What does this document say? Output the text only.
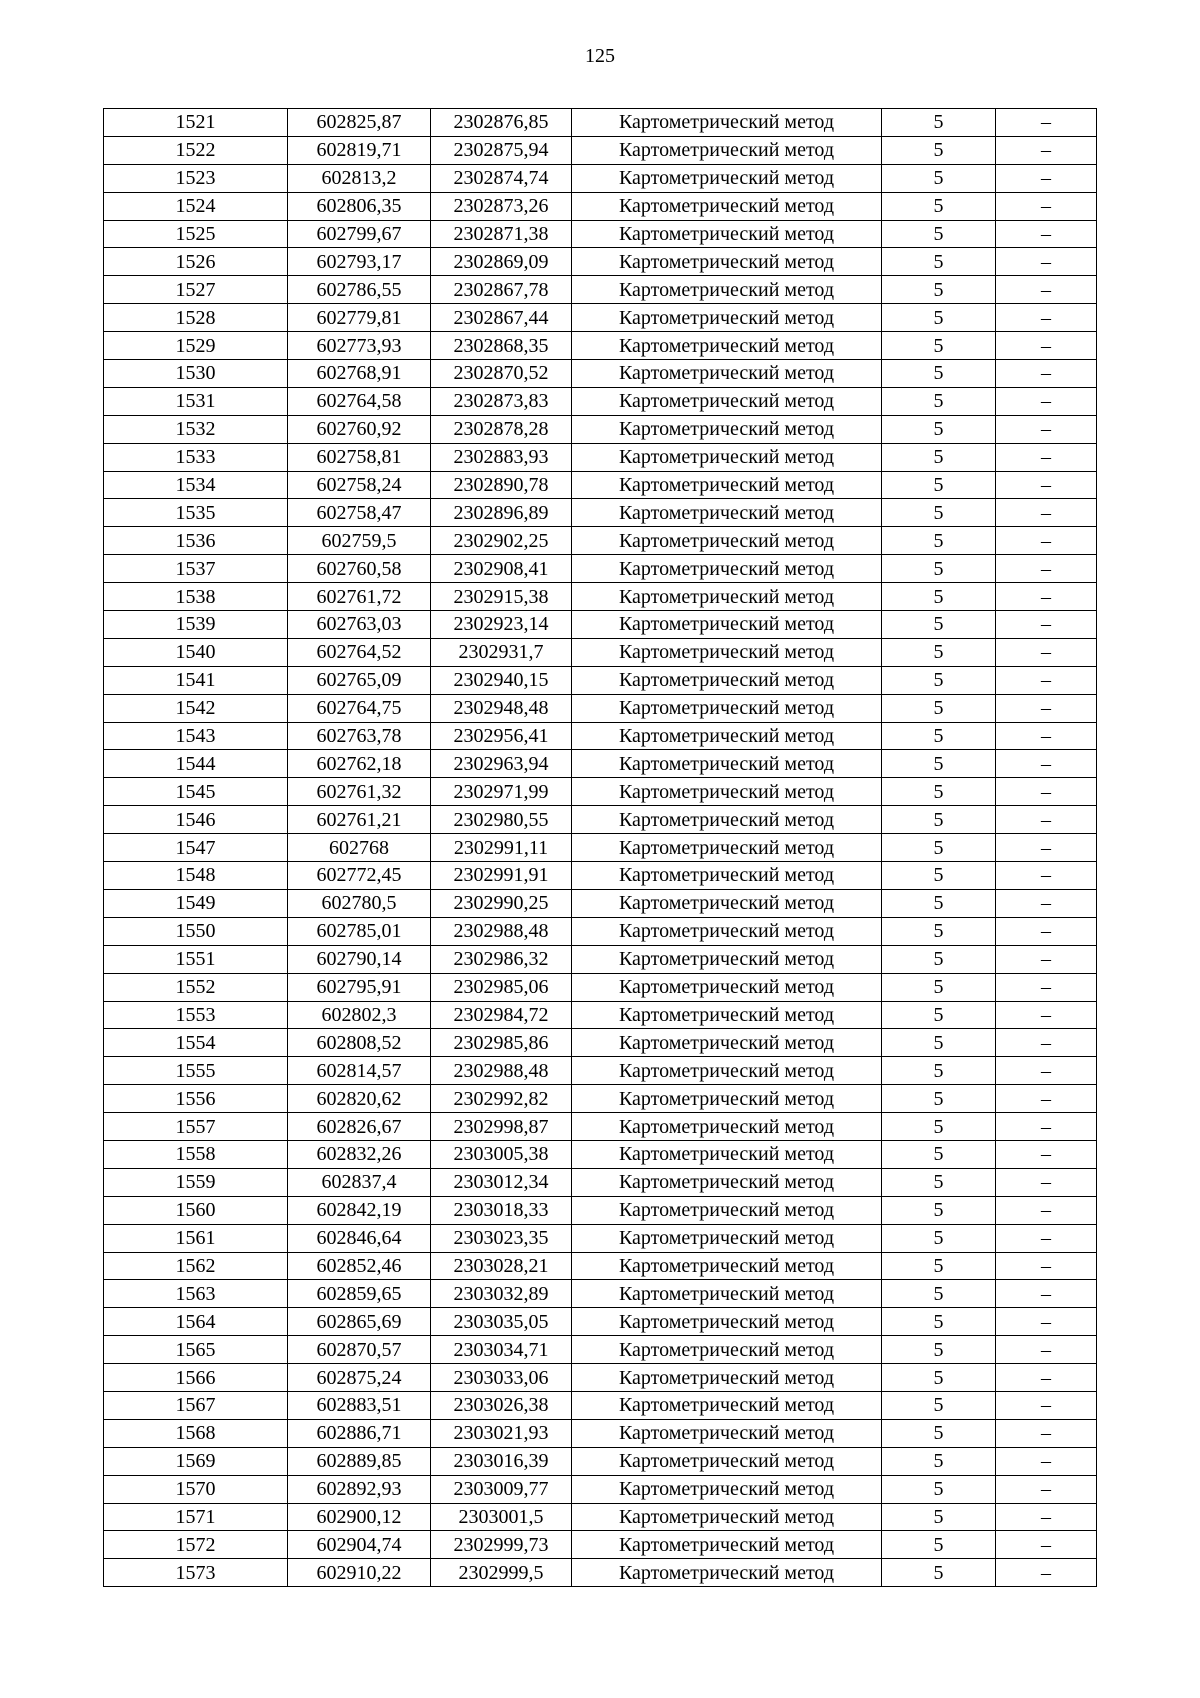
125
1521	602825,87	2302876,85	Картометрический метод	5	–
1522	602819,71	2302875,94	Картометрический метод	5	–
1523	602813,2	2302874,74	Картометрический метод	5	–
1524	602806,35	2302873,26	Картометрический метод	5	–
1525	602799,67	2302871,38	Картометрический метод	5	–
1526	602793,17	2302869,09	Картометрический метод	5	–
1527	602786,55	2302867,78	Картометрический метод	5	–
1528	602779,81	2302867,44	Картометрический метод	5	–
1529	602773,93	2302868,35	Картометрический метод	5	–
1530	602768,91	2302870,52	Картометрический метод	5	–
1531	602764,58	2302873,83	Картометрический метод	5	–
1532	602760,92	2302878,28	Картометрический метод	5	–
1533	602758,81	2302883,93	Картометрический метод	5	–
1534	602758,24	2302890,78	Картометрический метод	5	–
1535	602758,47	2302896,89	Картометрический метод	5	–
1536	602759,5	2302902,25	Картометрический метод	5	–
1537	602760,58	2302908,41	Картометрический метод	5	–
1538	602761,72	2302915,38	Картометрический метод	5	–
1539	602763,03	2302923,14	Картометрический метод	5	–
1540	602764,52	2302931,7	Картометрический метод	5	–
1541	602765,09	2302940,15	Картометрический метод	5	–
1542	602764,75	2302948,48	Картометрический метод	5	–
1543	602763,78	2302956,41	Картометрический метод	5	–
1544	602762,18	2302963,94	Картометрический метод	5	–
1545	602761,32	2302971,99	Картометрический метод	5	–
1546	602761,21	2302980,55	Картометрический метод	5	–
1547	602768	2302991,11	Картометрический метод	5	–
1548	602772,45	2302991,91	Картометрический метод	5	–
1549	602780,5	2302990,25	Картометрический метод	5	–
1550	602785,01	2302988,48	Картометрический метод	5	–
1551	602790,14	2302986,32	Картометрический метод	5	–
1552	602795,91	2302985,06	Картометрический метод	5	–
1553	602802,3	2302984,72	Картометрический метод	5	–
1554	602808,52	2302985,86	Картометрический метод	5	–
1555	602814,57	2302988,48	Картометрический метод	5	–
1556	602820,62	2302992,82	Картометрический метод	5	–
1557	602826,67	2302998,87	Картометрический метод	5	–
1558	602832,26	2303005,38	Картометрический метод	5	–
1559	602837,4	2303012,34	Картометрический метод	5	–
1560	602842,19	2303018,33	Картометрический метод	5	–
1561	602846,64	2303023,35	Картометрический метод	5	–
1562	602852,46	2303028,21	Картометрический метод	5	–
1563	602859,65	2303032,89	Картометрический метод	5	–
1564	602865,69	2303035,05	Картометрический метод	5	–
1565	602870,57	2303034,71	Картометрический метод	5	–
1566	602875,24	2303033,06	Картометрический метод	5	–
1567	602883,51	2303026,38	Картометрический метод	5	–
1568	602886,71	2303021,93	Картометрический метод	5	–
1569	602889,85	2303016,39	Картометрический метод	5	–
1570	602892,93	2303009,77	Картометрический метод	5	–
1571	602900,12	2303001,5	Картометрический метод	5	–
1572	602904,74	2302999,73	Картометрический метод	5	–
1573	602910,22	2302999,5	Картометрический метод	5	–
